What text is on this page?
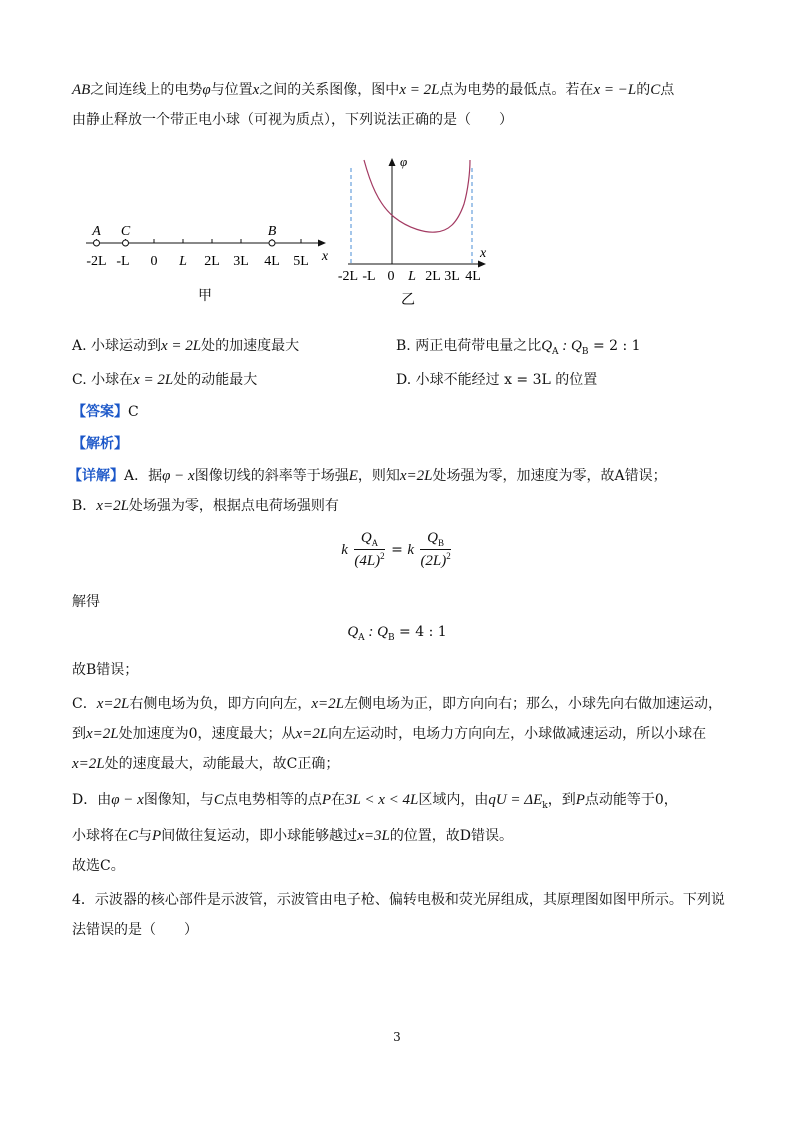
AB之间连线上的电势φ与位置x之间的关系图像，图中x = 2L点为电势的最低点。若在x = −L的C点
由静止释放一个带正电小球（可视为质点），下列说法正确的是（　　）
A C	B
x
-2L -L 0 L 2L 3L 4L 5L
甲
φ
x
-2L -L 0 L 2L 3L 4L
乙
A. 小球运动到x = 2L处的加速度最大	B. 两正电荷带电量之比$Q_A$ : $Q_B = 2$ : 1
C. 小球在x = 2L处的动能最大	D. 小球不能经过 x = 3L 的位置
【答案】C
【解析】
【详解】A．据φ − x图像切线的斜率等于场强E，则知x=2L处场强为零，加速度为零，故A错误；
B．x=2L处场强为零，根据点电荷场强则有
k $\frac{Q_A}{(4L)^2} = k \frac{Q_B}{(2L)^2}$
解得
$Q_A$ : $Q_B = 4$ : 1
故B错误；
C．x=2L右侧电场为负，即方向向左，x=2L左侧电场为正，即方向向右；那么，小球先向右做加速运动，
到x=2L处加速度为0，速度最大；从x=2L向左运动时，电场力方向向左，小球做减速运动，所以小球在
x=2L处的速度最大，动能最大，故C正确；
D．由φ − x图像知，与C点电势相等的点P在3L < x < 4L区域内，由qU = $\Delta E_k$，到P点动能等于0，
小球将在C与P间做往复运动，即小球能够越过x=3L的位置，故D错误。
故选C。
4．示波器的核心部件是示波管，示波管由电子枪、偏转电极和荧光屏组成，其原理图如图甲所示。下列说
法错误的是（　　）
3
